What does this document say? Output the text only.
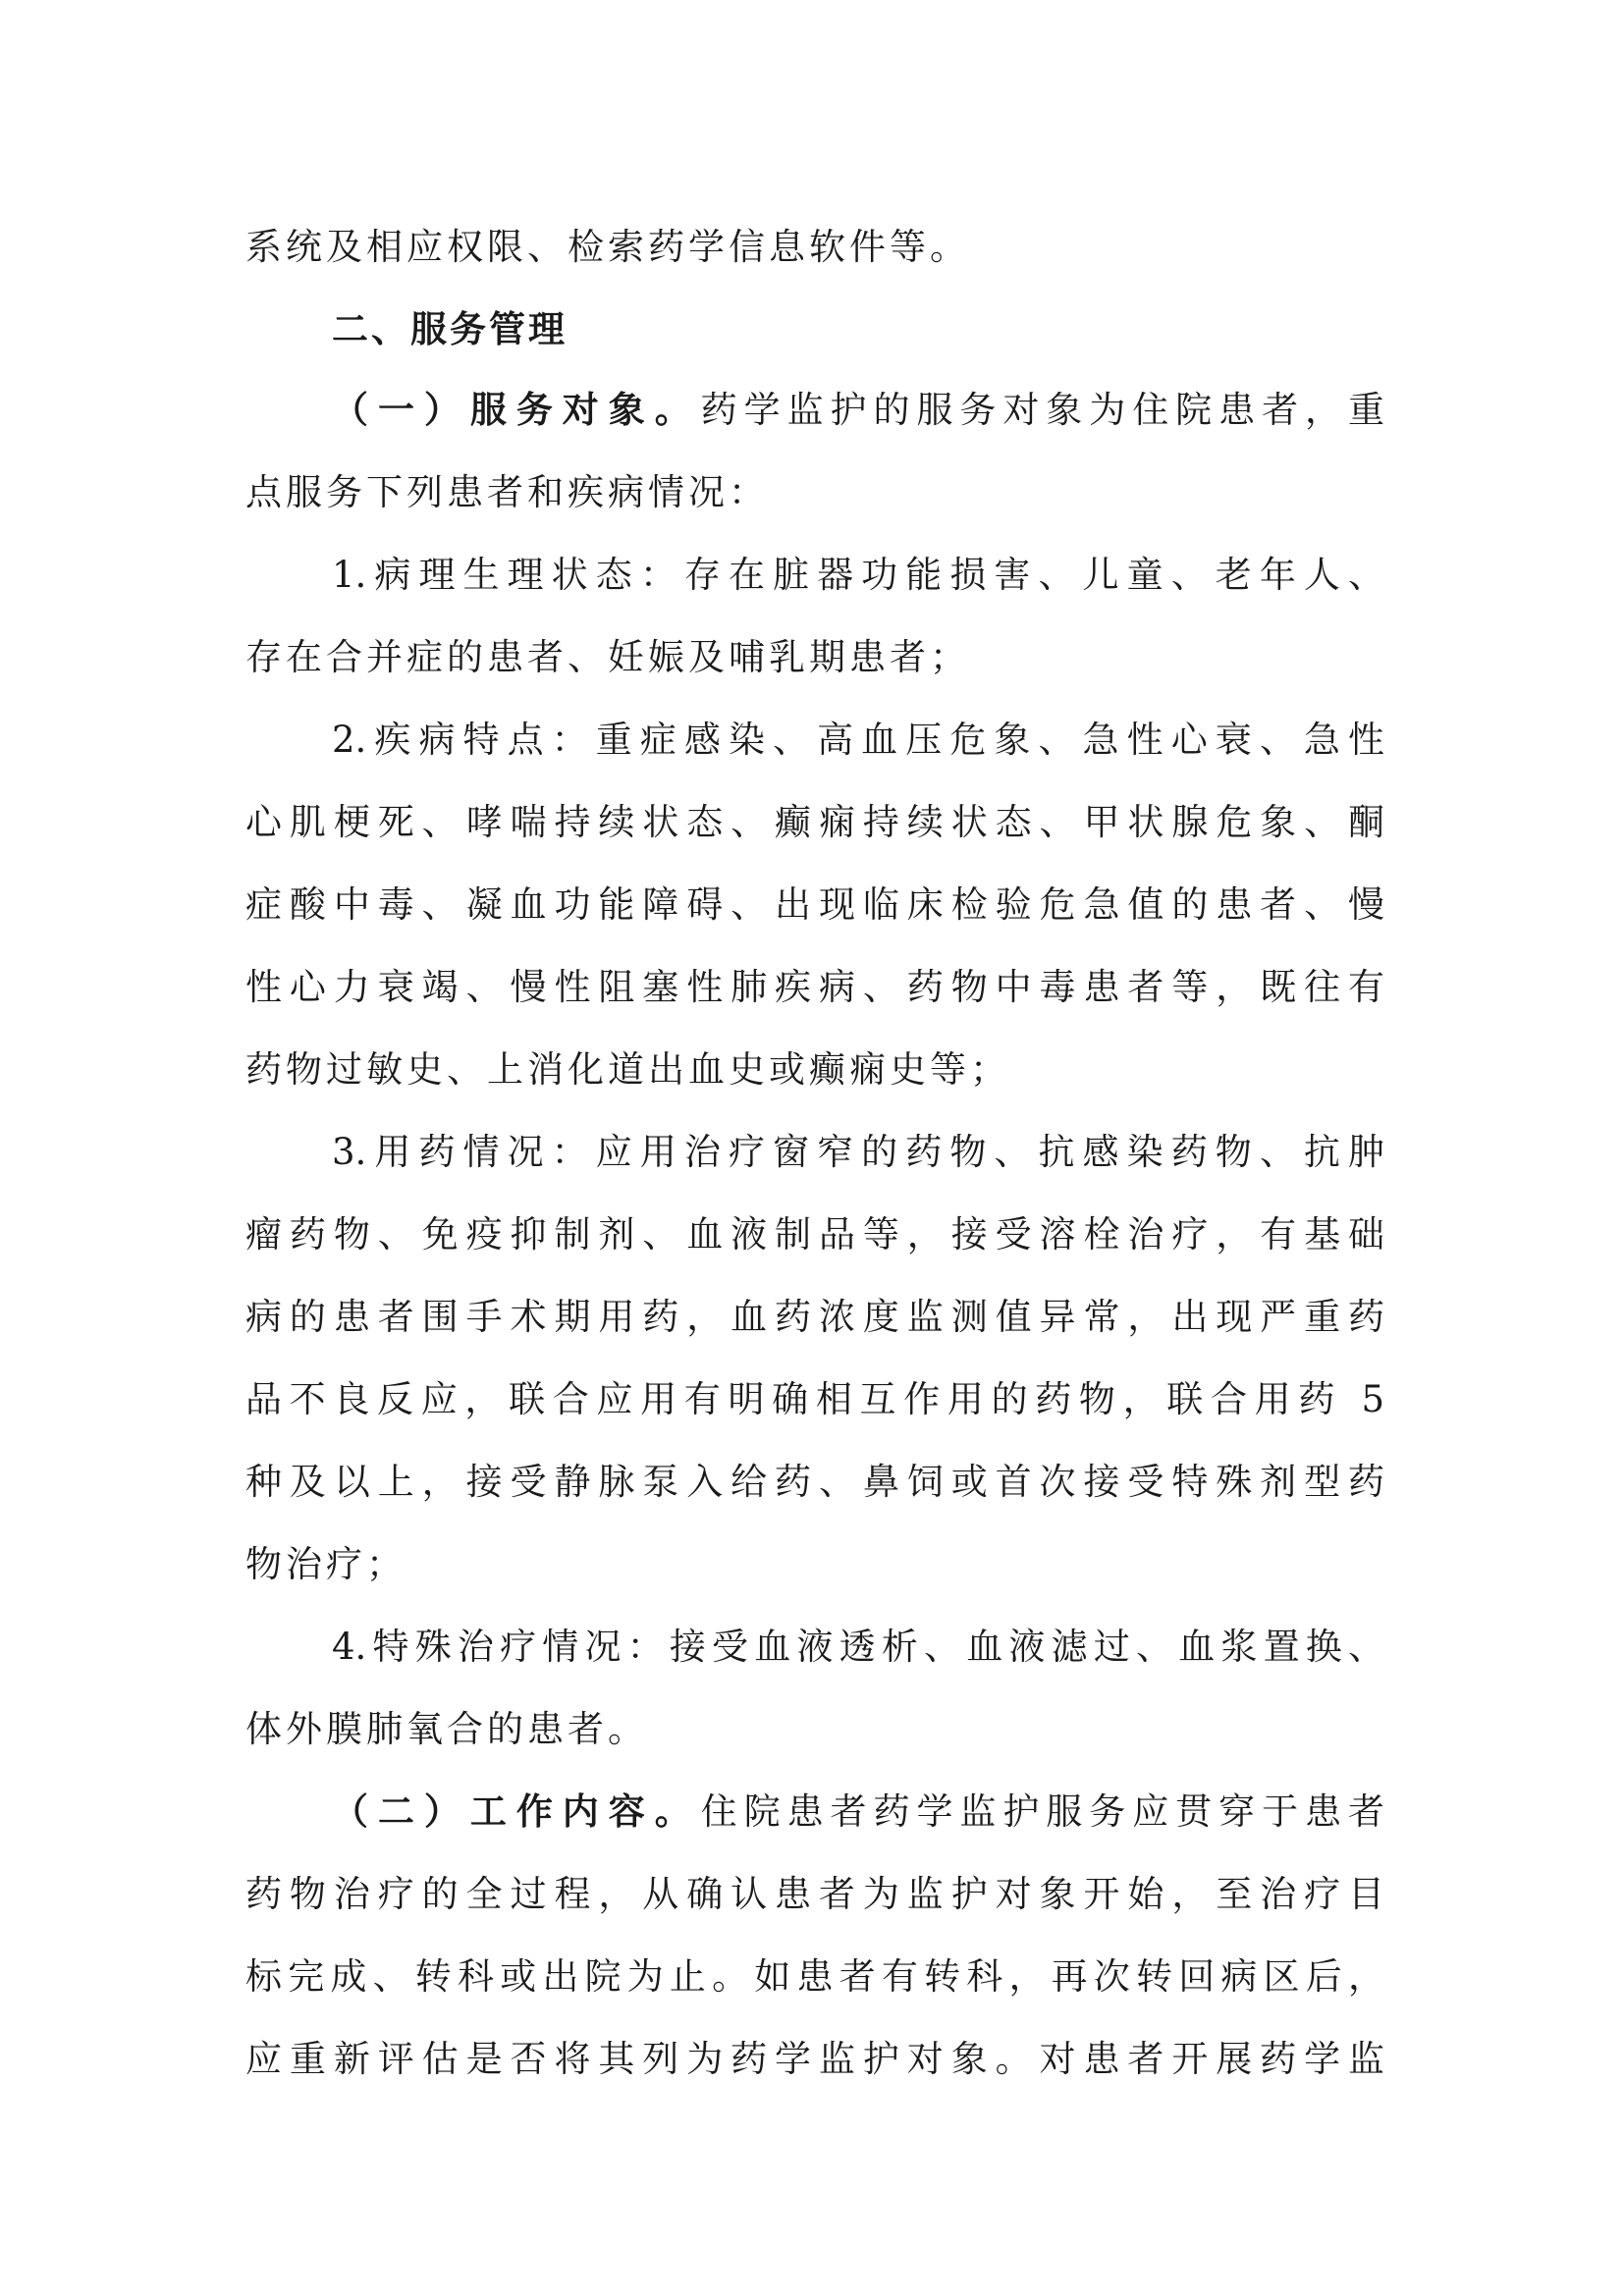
系统及相应权限、检索药学信息软件等。
二、服务管理
（一）服务对象。药学监护的服务对象为住院患者，重
点服务下列患者和疾病情况：
1.病理生理状态：存在脏器功能损害、儿童、老年人、
存在合并症的患者、妊娠及哺乳期患者；
2.疾病特点：重症感染、高血压危象、急性心衰、急性
心肌梗死、哮喘持续状态、癫痫持续状态、甲状腺危象、酮
症酸中毒、凝血功能障碍、出现临床检验危急值的患者、慢
性心力衰竭、慢性阻塞性肺疾病、药物中毒患者等，既往有
药物过敏史、上消化道出血史或癫痫史等；
3.用药情况：应用治疗窗窄的药物、抗感染药物、抗肿
瘤药物、免疫抑制剂、血液制品等，接受溶栓治疗，有基础
病的患者围手术期用药，血药浓度监测值异常，出现严重药
品不良反应，联合应用有明确相互作用的药物，联合用药 5
种及以上，接受静脉泵入给药、鼻饲或首次接受特殊剂型药
物治疗；
4.特殊治疗情况：接受血液透析、血液滤过、血浆置换、
体外膜肺氧合的患者。
（二）工作内容。住院患者药学监护服务应贯穿于患者
药物治疗的全过程，从确认患者为监护对象开始，至治疗目
标完成、转科或出院为止。如患者有转科，再次转回病区后，
应重新评估是否将其列为药学监护对象。对患者开展药学监
